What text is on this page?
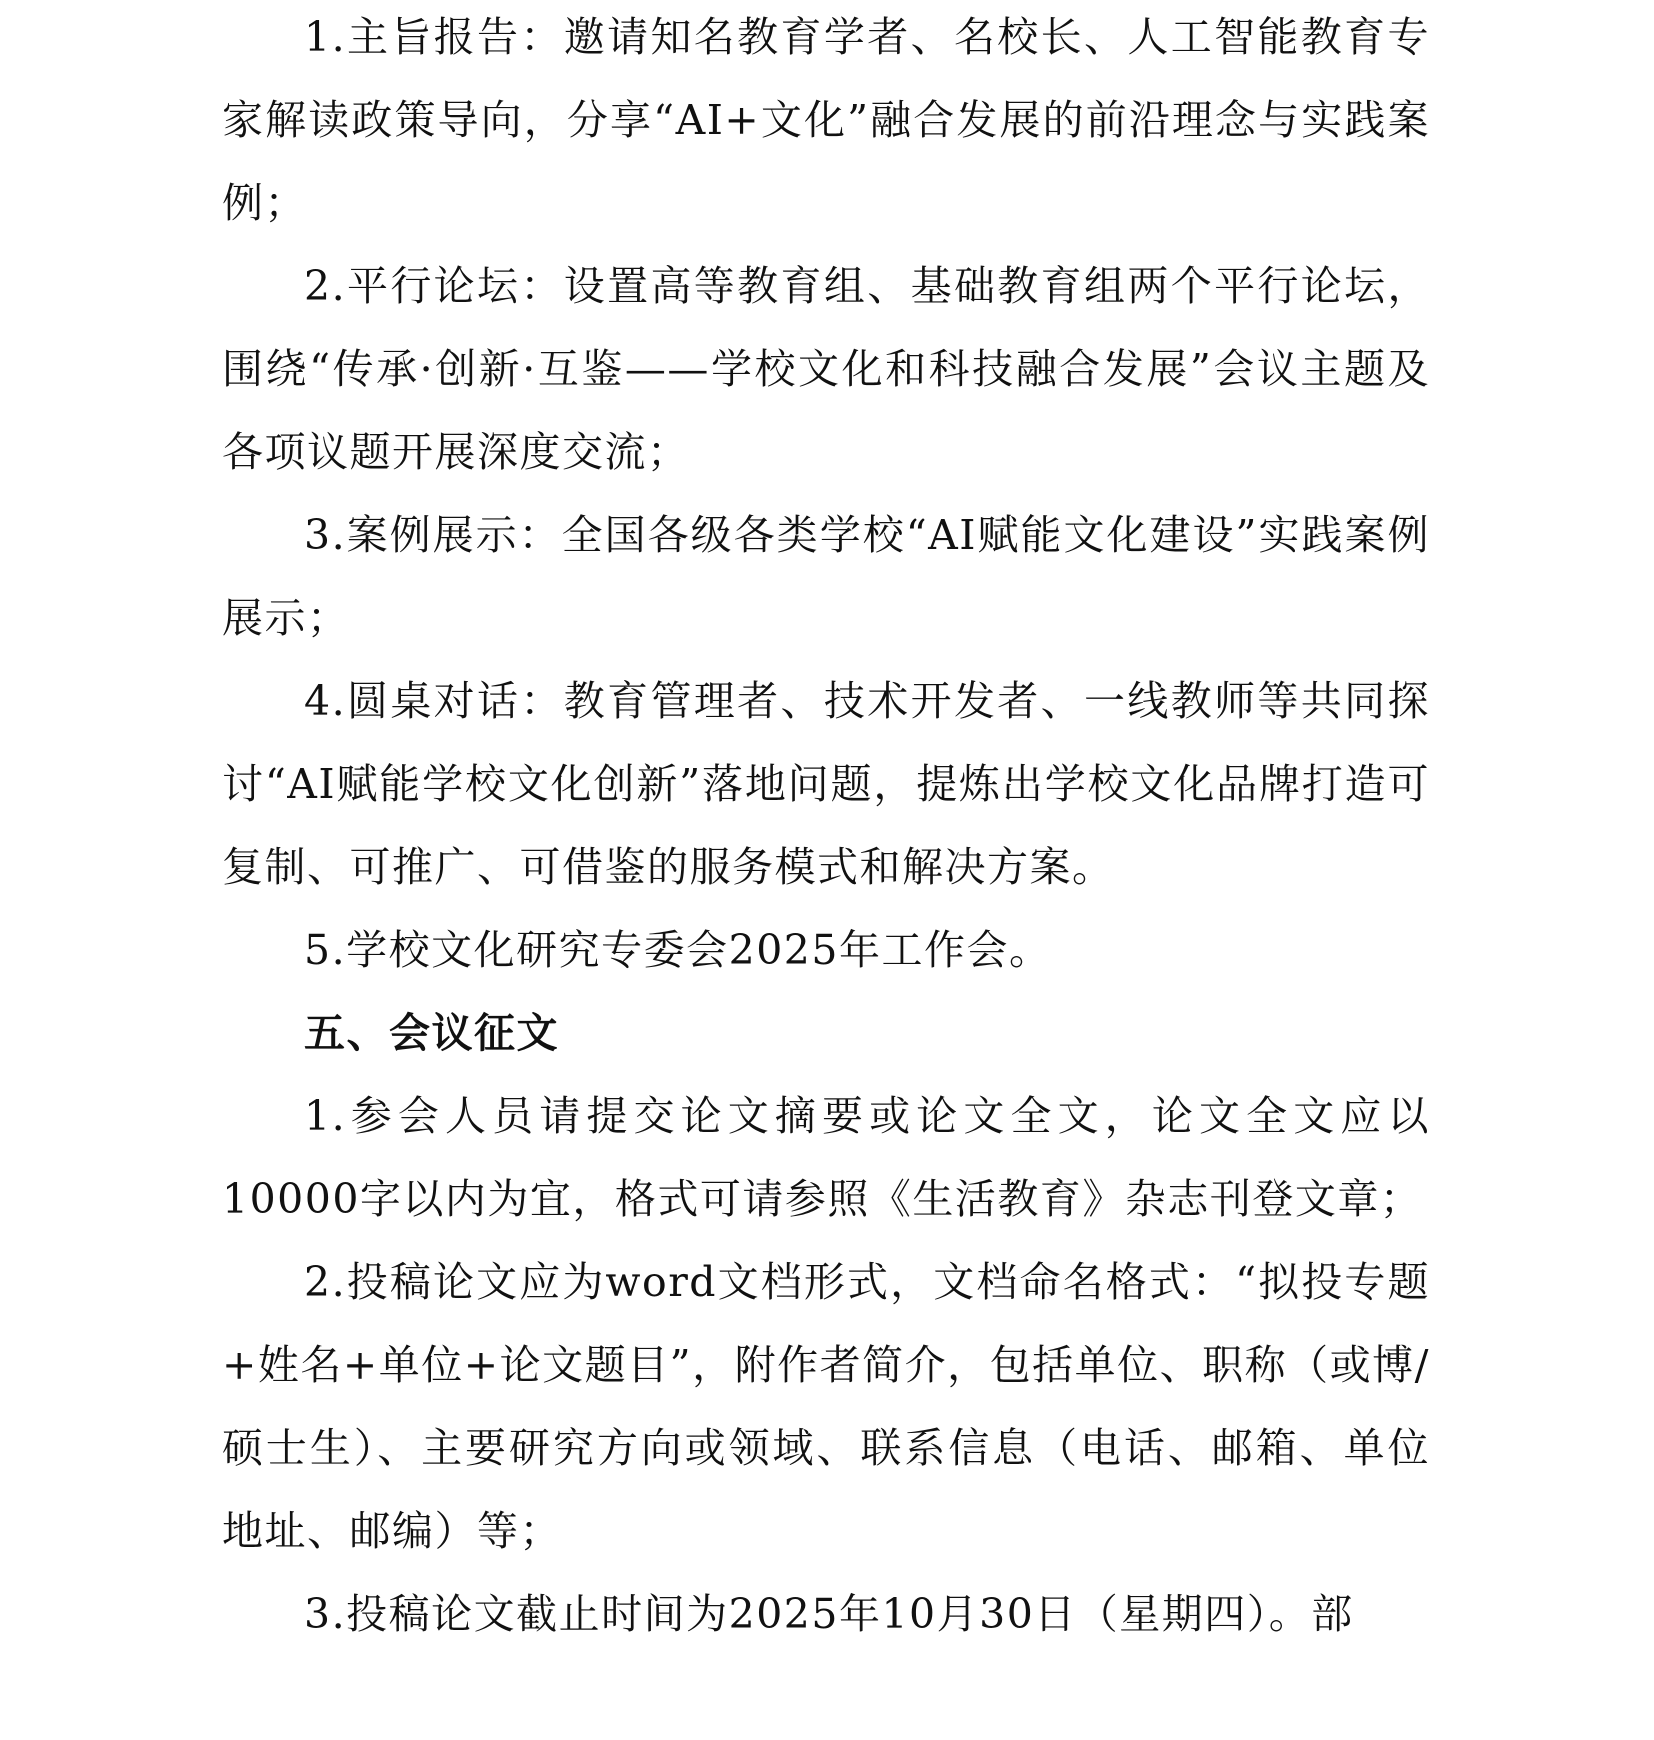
1.主旨报告：邀请知名教育学者、名校长、人工智能教育专家解读政策导向，分享“AI+文化”融合发展的前沿理念与实践案例；

2.平行论坛：设置高等教育组、基础教育组两个平行论坛，围绕“传承·创新·互鉴——学校文化和科技融合发展”会议主题及各项议题开展深度交流；

3.案例展示：全国各级各类学校“AI赋能文化建设”实践案例展示；

4.圆桌对话：教育管理者、技术开发者、一线教师等共同探讨“AI赋能学校文化创新”落地问题，提炼出学校文化品牌打造可复制、可推广、可借鉴的服务模式和解决方案。

5.学校文化研究专委会2025年工作会。

五、会议征文

1.参会人员请提交论文摘要或论文全文，论文全文应以10000字以内为宜，格式可请参照《生活教育》杂志刊登文章；

2.投稿论文应为word文档形式，文档命名格式：“拟投专题+姓名+单位+论文题目”，附作者简介，包括单位、职称（或博/硕士生）、主要研究方向或领域、联系信息（电话、邮箱、单位地址、邮编）等；

3.投稿论文截止时间为2025年10月30日（星期四）。部
